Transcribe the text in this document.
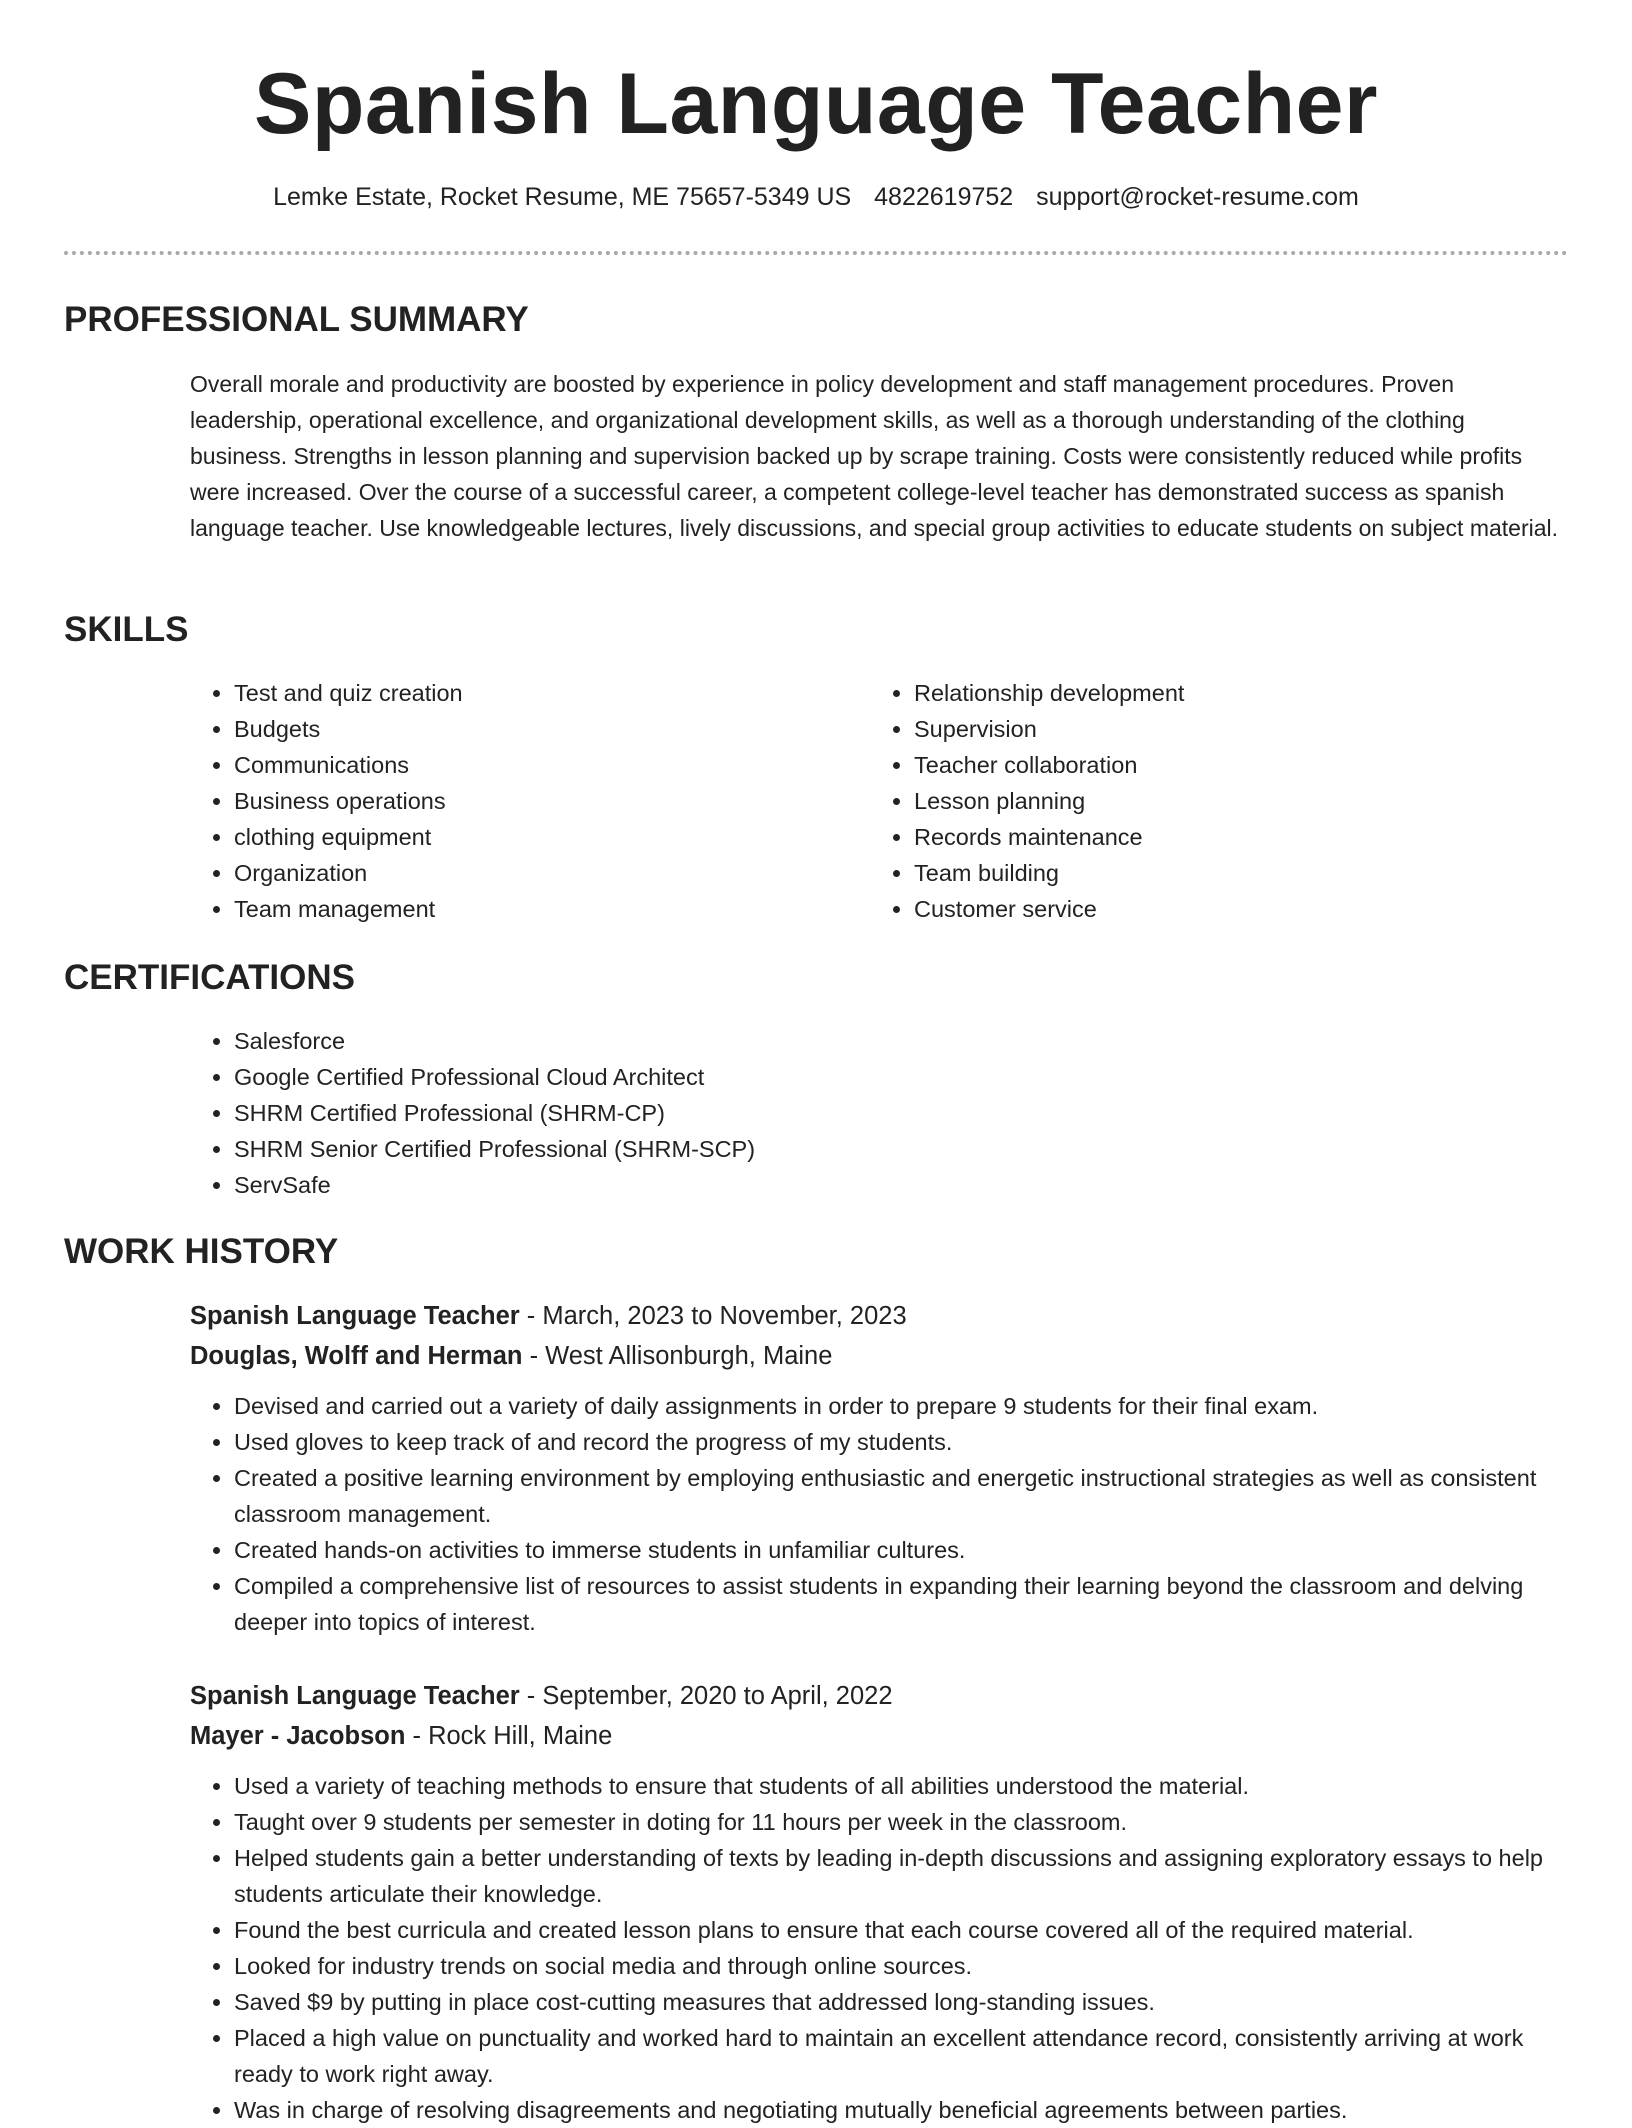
Spanish Language Teacher
Lemke Estate, Rocket Resume, ME 75657-5349 US 4822619752 support@rocket-resume.com
PROFESSIONAL SUMMARY

Overall morale and productivity are boosted by experience in policy development and staff management procedures. Proven leadership, operational excellence, and organizational development skills, as well as a thorough understanding of the clothing business. Strengths in lesson planning and supervision backed up by scrape training. Costs were consistently reduced while profits were increased. Over the course of a successful career, a competent college-level teacher has demonstrated success as spanish language teacher. Use knowledgeable lectures, lively discussions, and special group activities to educate students on subject material.

SKILLS
• Test and quiz creation
• Budgets
• Communications
• Business operations
• clothing equipment
• Organization
• Team management
• Relationship development
• Supervision
• Teacher collaboration
• Lesson planning
• Records maintenance
• Team building
• Customer service
CERTIFICATIONS
• Salesforce
• Google Certified Professional Cloud Architect
• SHRM Certified Professional (SHRM-CP)
• SHRM Senior Certified Professional (SHRM-SCP)
• ServSafe
WORK HISTORY
Spanish Language Teacher - March, 2023 to November, 2023
Douglas, Wolff and Herman - West Allisonburgh, Maine
• Devised and carried out a variety of daily assignments in order to prepare 9 students for their final exam.
• Used gloves to keep track of and record the progress of my students.
• Created a positive learning environment by employing enthusiastic and energetic instructional strategies as well as consistent classroom management.
• Created hands-on activities to immerse students in unfamiliar cultures.
• Compiled a comprehensive list of resources to assist students in expanding their learning beyond the classroom and delving deeper into topics of interest.
Spanish Language Teacher - September, 2020 to April, 2022
Mayer - Jacobson - Rock Hill, Maine
• Used a variety of teaching methods to ensure that students of all abilities understood the material.
• Taught over 9 students per semester in doting for 11 hours per week in the classroom.
• Helped students gain a better understanding of texts by leading in-depth discussions and assigning exploratory essays to help students articulate their knowledge.
• Found the best curricula and created lesson plans to ensure that each course covered all of the required material.
• Looked for industry trends on social media and through online sources.
• Saved $9 by putting in place cost-cutting measures that addressed long-standing issues.
• Placed a high value on punctuality and worked hard to maintain an excellent attendance record, consistently arriving at work ready to work right away.
• Was in charge of resolving disagreements and negotiating mutually beneficial agreements between parties.
